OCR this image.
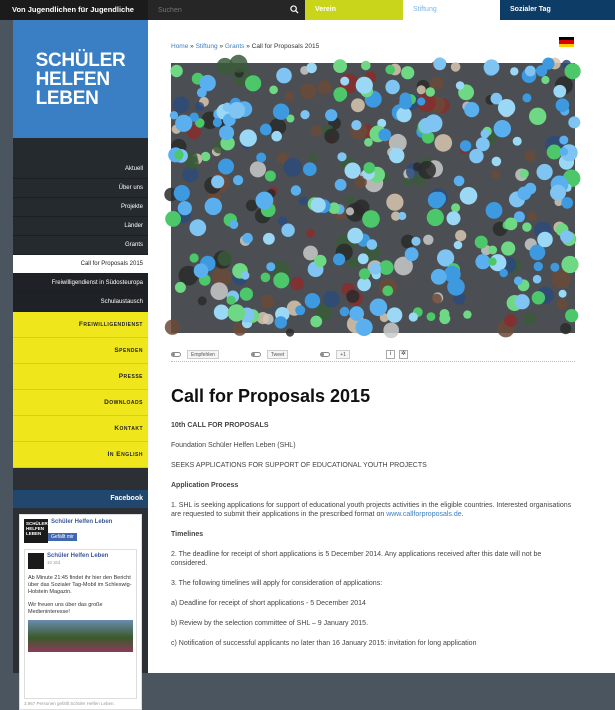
Von Jugendlichen für Jugendliche
Suchen	Verein	Stiftung	Sozialer Tag
SCHÜLER
HELFEN
LEBEN
Aktuell
Über uns
Projekte
Länder
Grants
Call for Proposals 2015
Freiwilligendienst in Südosteuropa
Schulaustausch
Freiwilligendienst
Spenden
Presse
Downloads
Kontakt
In English
Facebook
SCHÜLER
HELFEN
LEBEN
Schüler Helfen Leben
Gefällt mir
Schüler Helfen Leben
10 Std.
Ab Minute 21:45 findet ihr hier den Bericht über das Sozialer Tag-Mobil im Schleswig-Holstein Magazin.
Wir freuen uns über das große Medieninteresse!
3.967 Personen gefällt Schüler Helfen Leben.
Home » Stiftung » Grants » Call for Proposals 2015
Empfehlen	Tweet	+1	i	✲
Call for Proposals 2015

10th CALL FOR PROPOSALS

Foundation Schüler Helfen Leben (SHL)

SEEKS APPLICATIONS FOR SUPPORT OF EDUCATIONAL YOUTH PROJECTS

Application Process

1. SHL is seeking applications for support of educational youth projects activities in the eligible countries. Interested organisations are requested to submit their applications in the prescribed format on www.callforproposals.de.

Timelines

2. The deadline for receipt of short applications is 5 December 2014. Any applications received after this date will not be considered.

3. The following timelines will apply for consideration of applications:

a) Deadline for receipt of short applications - 5 December 2014

b) Review by the selection committee of SHL – 9 January 2015.

c) Notification of successful applicants no later than 16 January 2015: invitation for long application
